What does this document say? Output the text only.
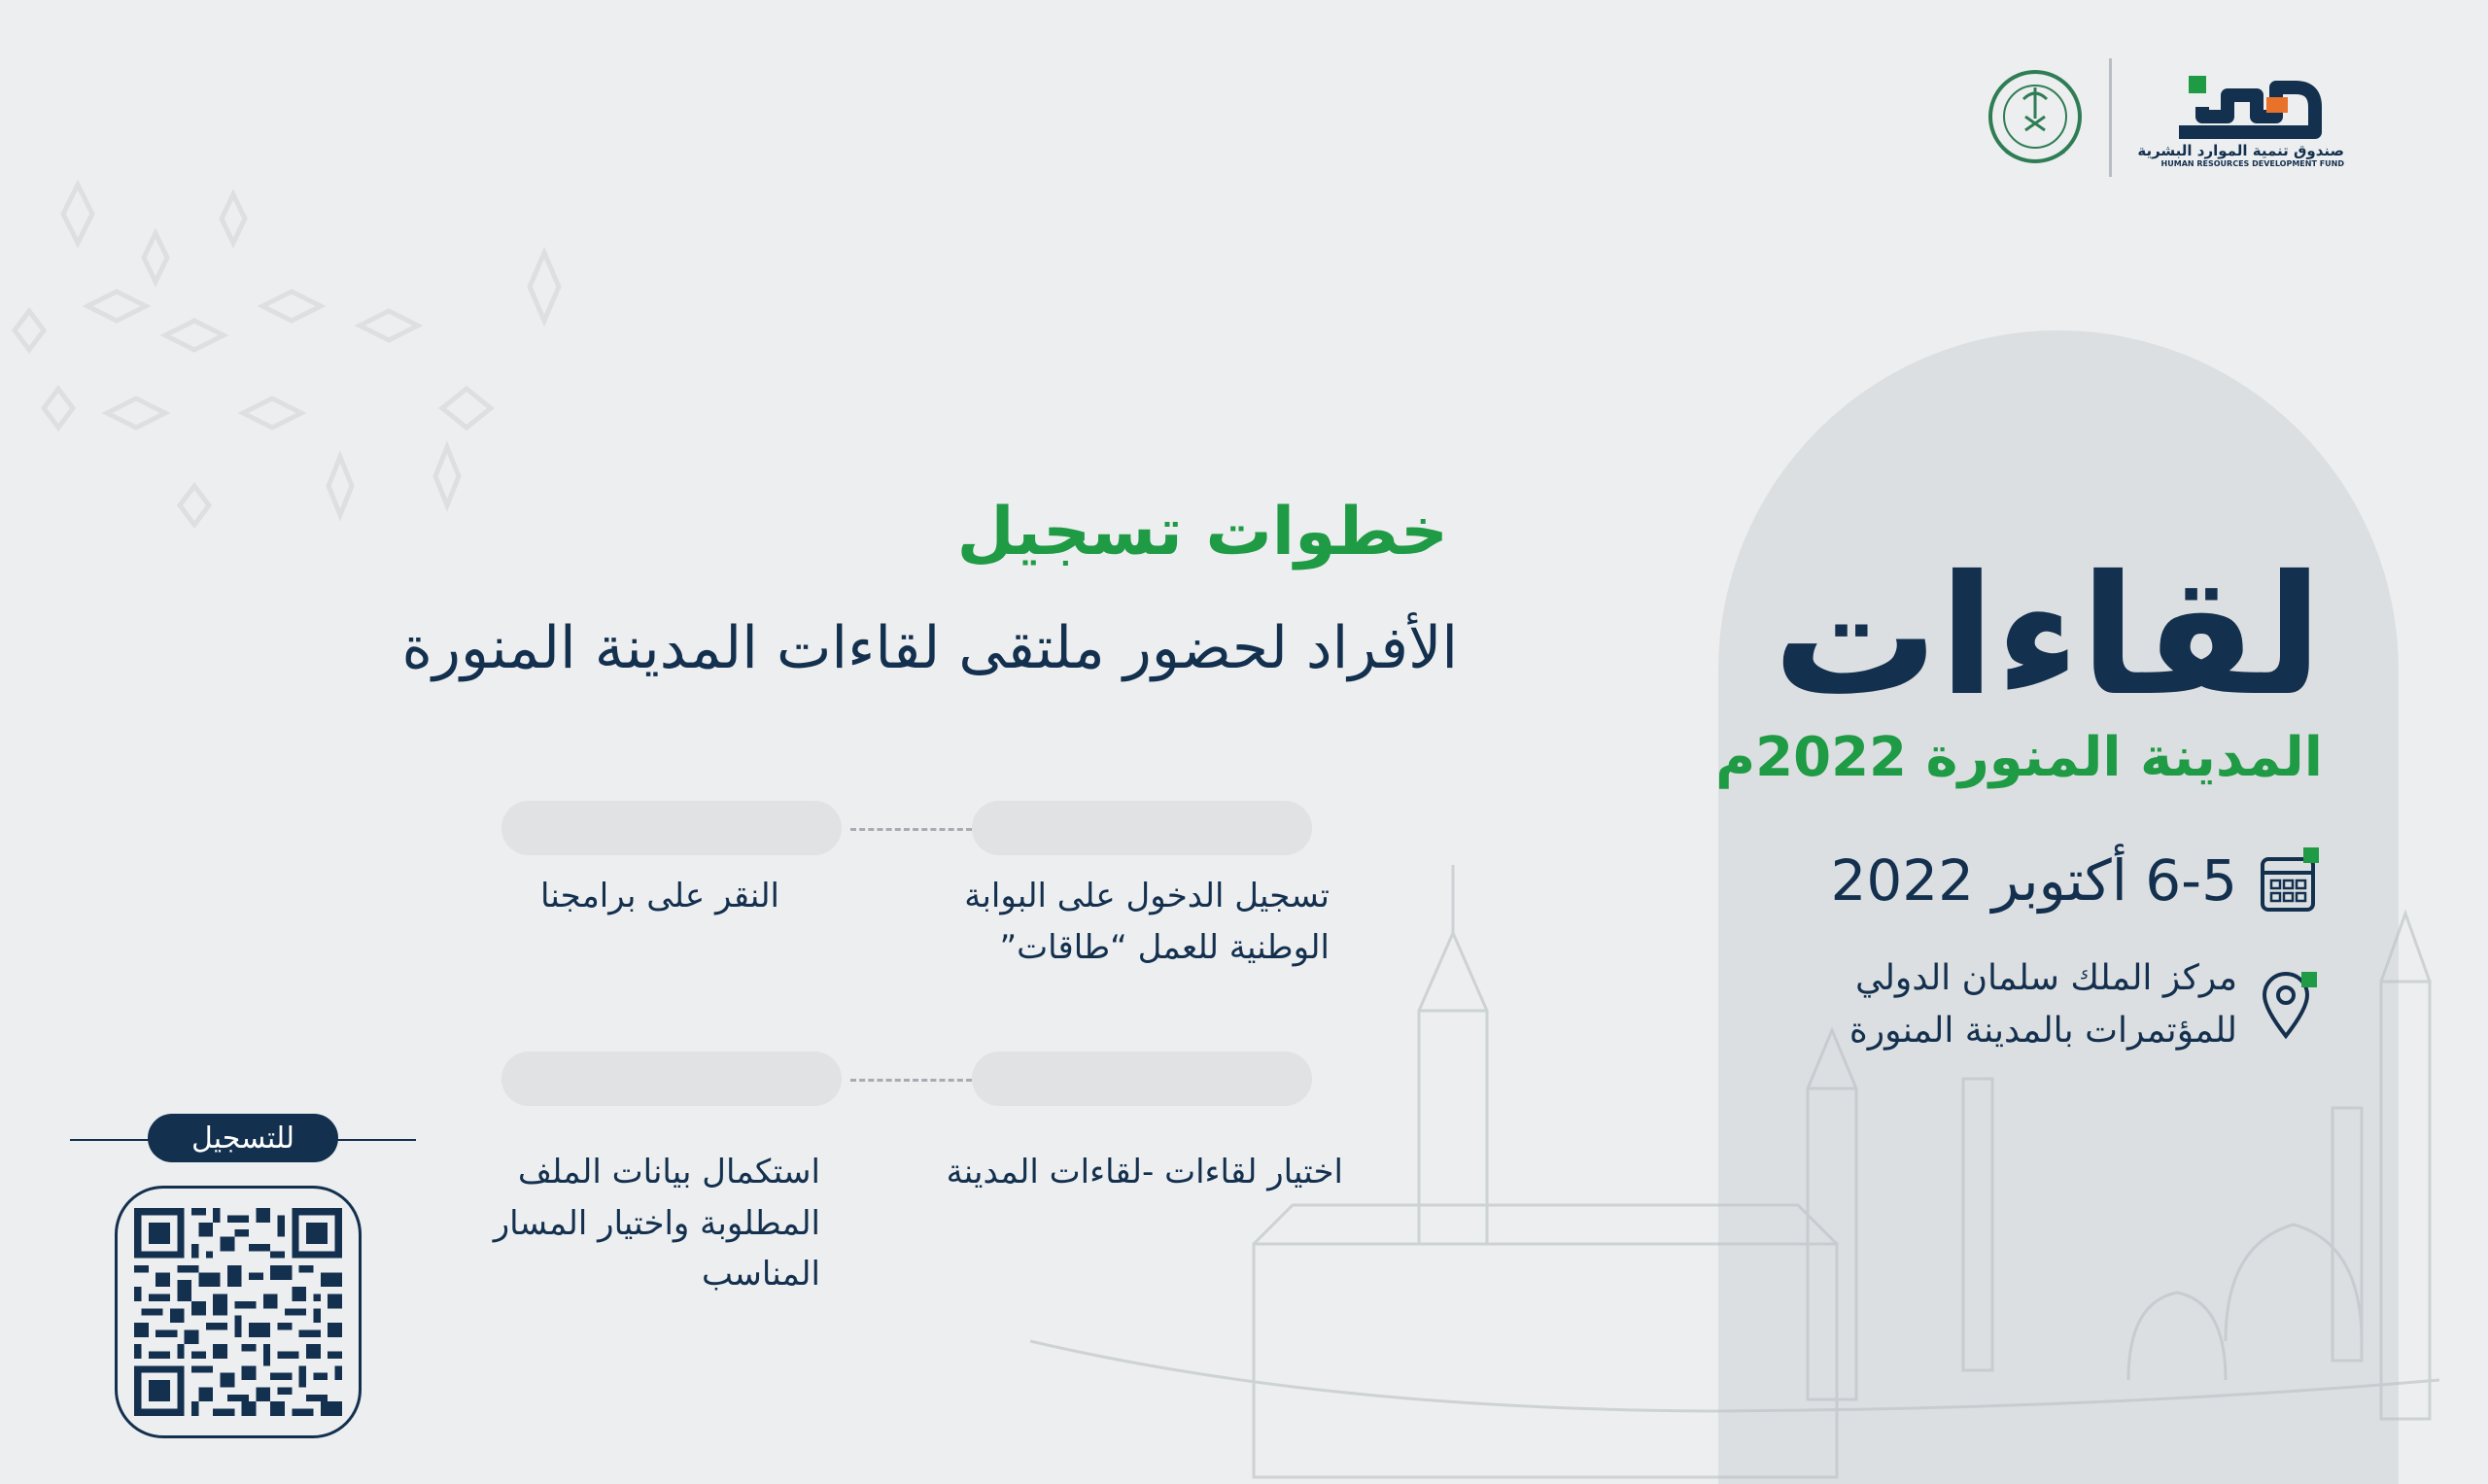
صندوق تنمية الموارد البشرية
HUMAN RESOURCES DEVELOPMENT FUND
لقاءات
المدينة المنورة 2022م
6-5 أكتوبر 2022
مركز الملك سلمان الدولي
للمؤتمرات بالمدينة المنورة
خطوات تسجيل
الأفراد لحضور ملتقى لقاءات المدينة المنورة
تسجيل الدخول على البوابة
الوطنية للعمل “طاقات”
النقر على برامجنا
اختيار لقاءات -لقاءات المدينة
استكمال بيانات الملف
المطلوبة واختيار المسار
المناسب
للتسجيل
